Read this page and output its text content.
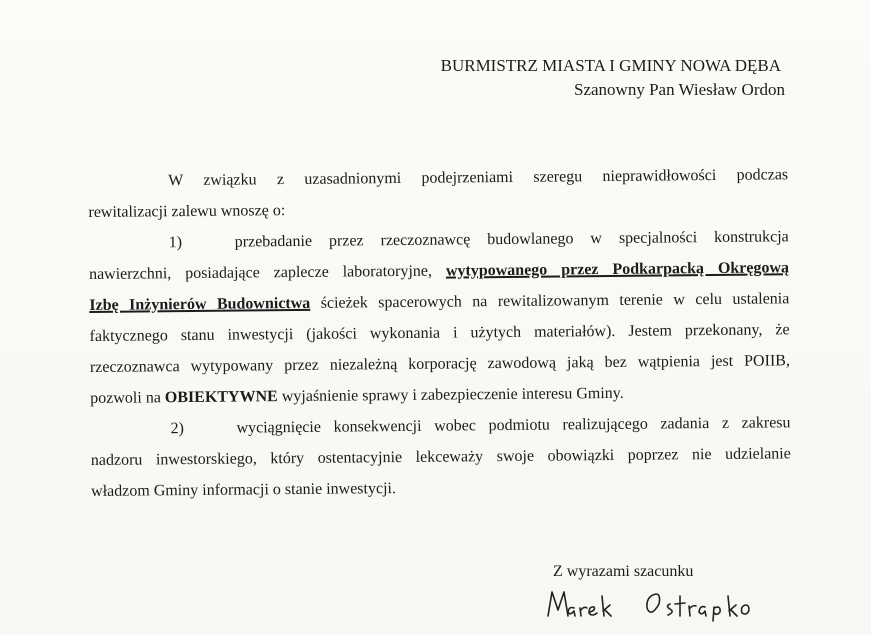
BURMISTRZ MIASTA I GMINY NOWA DĘBA
Szanowny Pan Wiesław Ordon
W związku z uzasadnionymi podejrzeniami szeregu nieprawidłowości podczas
rewitalizacji zalewu wnoszę o:
1)	przebadanie przez rzeczoznawcę budowlanego w specjalności konstrukcja
nawierzchni, posiadające zaplecze laboratoryjne, wytypowanego przez Podkarpacką Okręgową
Izbę Inżynierów Budownictwa ścieżek spacerowych na rewitalizowanym terenie w celu ustalenia
faktycznego stanu inwestycji (jakości wykonania i użytych materiałów). Jestem przekonany, że
rzeczoznawca wytypowany przez niezależną korporację zawodową jaką bez wątpienia jest POIIB,
pozwoli na OBIEKTYWNE wyjaśnienie sprawy i zabezpieczenie interesu Gminy.
2)	wyciągnięcie konsekwencji wobec podmiotu realizującego zadania z zakresu
nadzoru inwestorskiego, który ostentacyjnie lekceważy swoje obowiązki poprzez nie udzielanie
władzom Gminy informacji o stanie inwestycji.
Z wyrazami szacunku
